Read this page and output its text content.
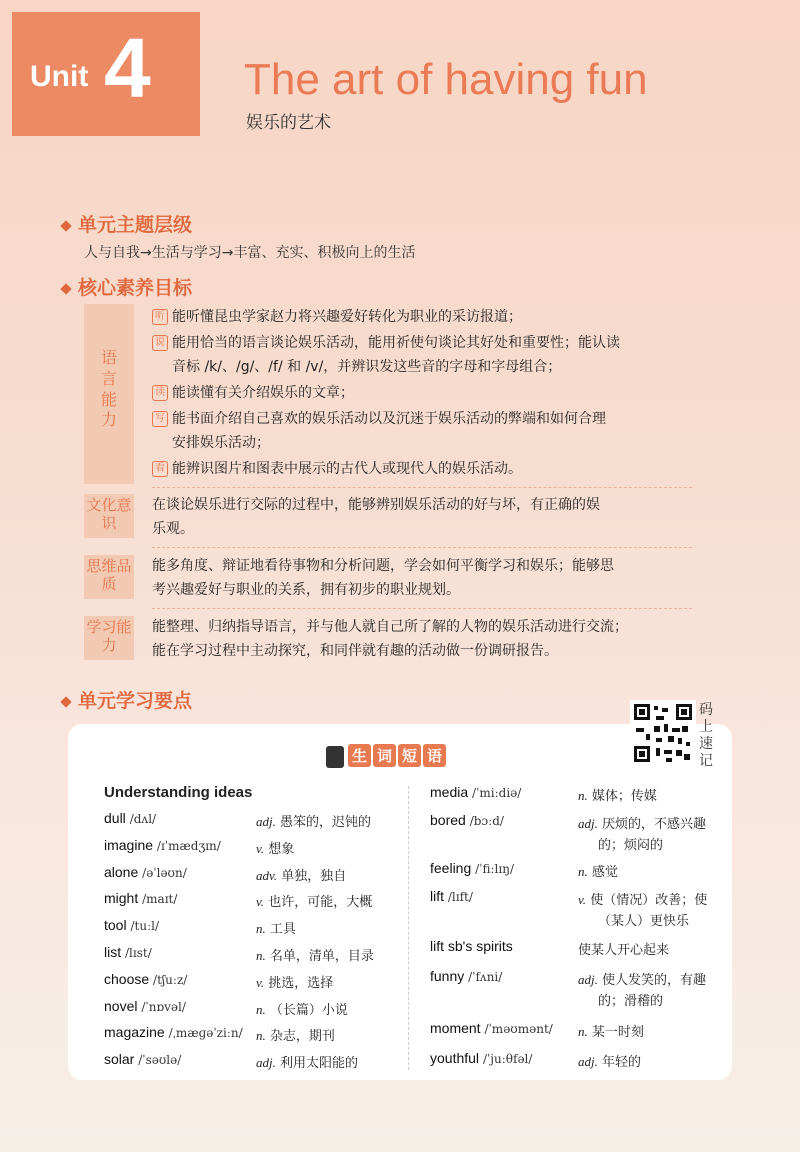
Unit 4 The art of having fun
娱乐的艺术
单元主题层级
人与自我→生活与学习→丰富、充实、积极向上的生活
核心素养目标
语
言
能
力
听 能听懂昆虫学家赵力将兴趣爱好转化为职业的采访报道；
说 能用恰当的语言谈论娱乐活动，能用祈使句谈论其好处和重要性；能认读
音标 /k/、/g/、/f/ 和 /v/，并辨识发这些音的字母和字母组合；
读 能读懂有关介绍娱乐的文章；
写 能书面介绍自己喜欢的娱乐活动以及沉迷于娱乐活动的弊端和如何合理
安排娱乐活动；
看 能辨识图片和图表中展示的古代人或现代人的娱乐活动。
文化意识
在谈论娱乐进行交际的过程中，能够辨别娱乐活动的好与坏，有正确的娱
乐观。
思维品质
能多角度、辩证地看待事物和分析问题，学会如何平衡学习和娱乐；能够思
考兴趣爱好与职业的关系，拥有初步的职业规划。
学习能力
能整理、归纳指导语言，并与他人就自己所了解的人物的娱乐活动进行交流；
能在学习过程中主动探究，和同伴就有趣的活动做一份调研报告。
单元学习要点	码
上
速
记
生 词 短 语
Understanding ideas
dull /dʌl/	adj. 愚笨的，迟钝的
imagine /ɪˈmædʒɪn/	v. 想象
alone /əˈləʊn/	adv. 单独，独自
might /maɪt/	v. 也许，可能，大概
tool /tuːl/	n. 工具
list /lɪst/	n. 名单，清单，目录
choose /tʃuːz/	v. 挑选，选择
novel /ˈnɒvəl/	n. （长篇）小说
magazine /ˌmæɡəˈziːn/ n. 杂志，期刊
solar /ˈsəʊlə/	adj. 利用太阳能的
media /ˈmiːdiə/	n. 媒体；传媒
bored /bɔːd/	adj. 厌烦的，不感兴趣
的；烦闷的
feeling /ˈfiːlɪŋ/	n. 感觉
lift /lɪft/	v. 使（情况）改善；使
（某人）更快乐
lift sb's spirits	使某人开心起来
funny /ˈfʌni/	adj. 使人发笑的，有趣
的；滑稽的
moment /ˈməʊmənt/ n. 某一时刻
youthful /ˈjuːθfəl/	adj. 年轻的
